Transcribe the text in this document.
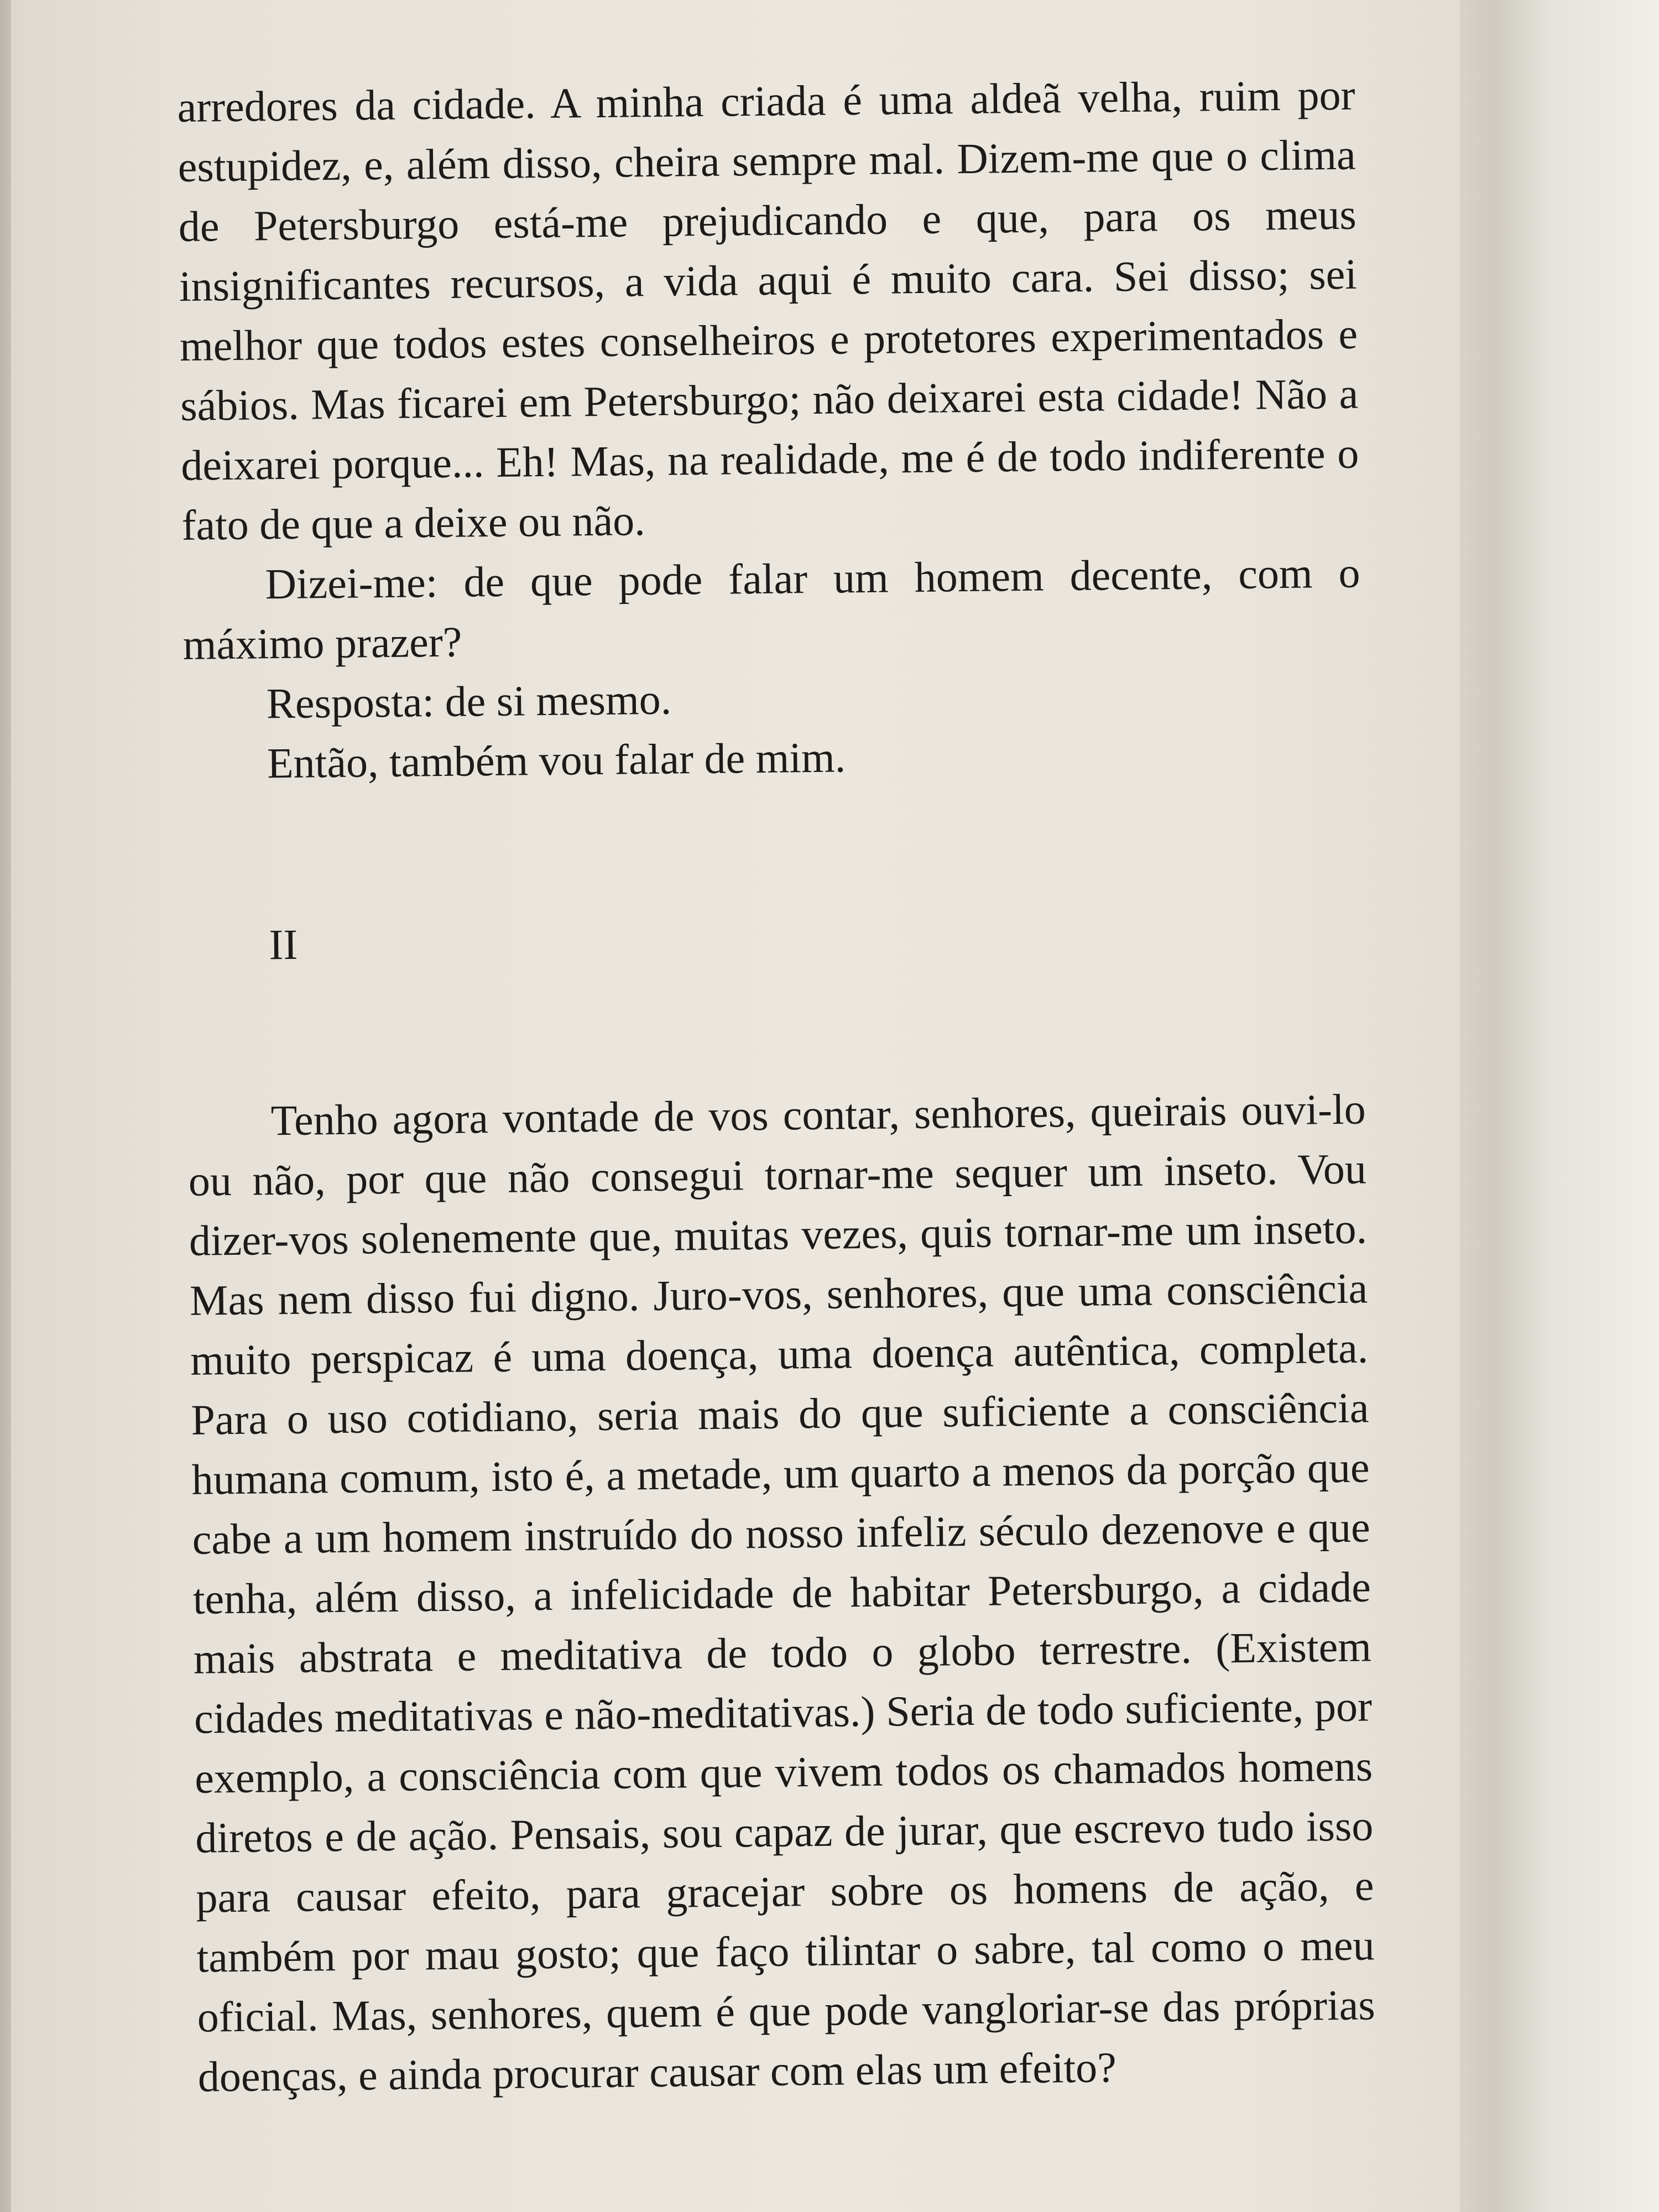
arredores da cidade. A minha criada é uma aldeã velha, ruim por estupidez, e, além disso, cheira sempre mal. Dizem-me que o clima de Petersburgo está-me prejudicando e que, para os meus insignificantes recursos, a vida aqui é muito cara. Sei disso; sei melhor que todos estes conselheiros e protetores experimentados e sábios. Mas ficarei em Petersburgo; não deixarei esta cidade! Não a deixarei porque... Eh! Mas, na realidade, me é de todo indiferente o fato de que a deixe ou não.

Dizei-me: de que pode falar um homem decente, com o máximo prazer?

Resposta: de si mesmo.

Então, também vou falar de mim.

II

Tenho agora vontade de vos contar, senhores, queirais ouvi-lo ou não, por que não consegui tornar-me sequer um inseto. Vou dizer-vos solenemente que, muitas vezes, quis tornar-me um inseto. Mas nem disso fui digno. Juro-vos, senhores, que uma consciência muito perspicaz é uma doença, uma doença autêntica, completa. Para o uso cotidiano, seria mais do que suficiente a consciência humana comum, isto é, a metade, um quarto a menos da porção que cabe a um homem instruído do nosso infeliz século dezenove e que tenha, além disso, a infelicidade de habitar Petersburgo, a cidade mais abstrata e meditativa de todo o globo terrestre. (Existem cidades meditativas e não-meditativas.) Seria de todo suficiente, por exemplo, a consciência com que vivem todos os chamados homens diretos e de ação. Pensais, sou capaz de jurar, que escrevo tudo isso para causar efeito, para gracejar sobre os homens de ação, e também por mau gosto; que faço tilintar o sabre, tal como o meu oficial. Mas, senhores, quem é que pode vangloriar-se das próprias doenças, e ainda procurar causar com elas um efeito?
